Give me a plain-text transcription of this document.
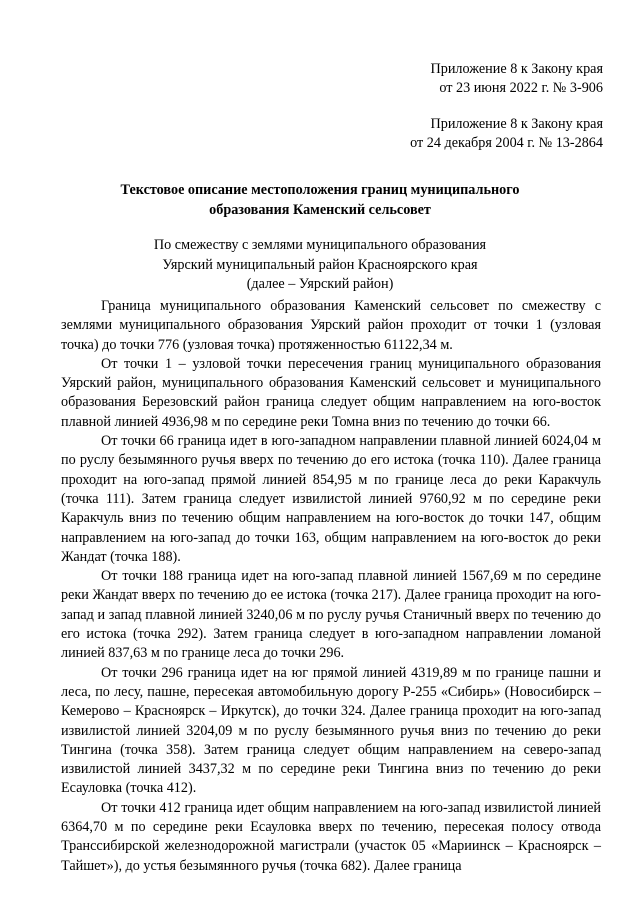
Приложение 8 к Закону края
от 23 июня 2022 г. № 3-906
Приложение 8 к Закону края
от 24 декабря 2004 г. № 13-2864
Текстовое описание местоположения границ муниципального
образования Каменский сельсовет
По смежеству с землями муниципального образования
Уярский муниципальный район Красноярского края
(далее – Уярский район)

Граница муниципального образования Каменский сельсовет по смежеству с землями муниципального образования Уярский район проходит от точки 1 (узловая точка) до точки 776 (узловая точка) протяженностью 61122,34 м.

От точки 1 – узловой точки пересечения границ муниципального образования Уярский район, муниципального образования Каменский сельсовет и муниципального образования Березовский район граница следует общим направлением на юго-восток плавной линией 4936,98 м по середине реки Томна вниз по течению до точки 66.

От точки 66 граница идет в юго-западном направлении плавной линией 6024,04 м по руслу безымянного ручья вверх по течению до его истока (точка 110). Далее граница проходит на юго-запад прямой линией 854,95 м по границе леса до реки Каракчуль (точка 111). Затем граница следует извилистой линией 9760,92 м по середине реки Каракчуль вниз по течению общим направлением на юго-восток до точки 147, общим направлением на юго-запад до точки 163, общим направлением на юго-восток до реки Жандат (точка 188).

От точки 188 граница идет на юго-запад плавной линией 1567,69 м по середине реки Жандат вверх по течению до ее истока (точка 217). Далее граница проходит на юго-запад и запад плавной линией 3240,06 м по руслу ручья Станичный вверх по течению до его истока (точка 292). Затем граница следует в юго-западном направлении ломаной линией 837,63 м по границе леса до точки 296.

От точки 296 граница идет на юг прямой линией 4319,89 м по границе пашни и леса, по лесу, пашне, пересекая автомобильную дорогу Р-255 «Сибирь» (Новосибирск – Кемерово – Красноярск – Иркутск), до точки 324. Далее граница проходит на юго-запад извилистой линией 3204,09 м по руслу безымянного ручья вниз по течению до реки Тингина (точка 358). Затем граница следует общим направлением на северо-запад извилистой линией 3437,32 м по середине реки Тингина вниз по течению до реки Есауловка (точка 412).

От точки 412 граница идет общим направлением на юго-запад извилистой линией 6364,70 м по середине реки Есауловка вверх по течению, пересекая полосу отвода Транссибирской железнодорожной магистрали (участок 05 «Мариинск – Красноярск – Тайшет»), до устья безымянного ручья (точка 682). Далее граница
